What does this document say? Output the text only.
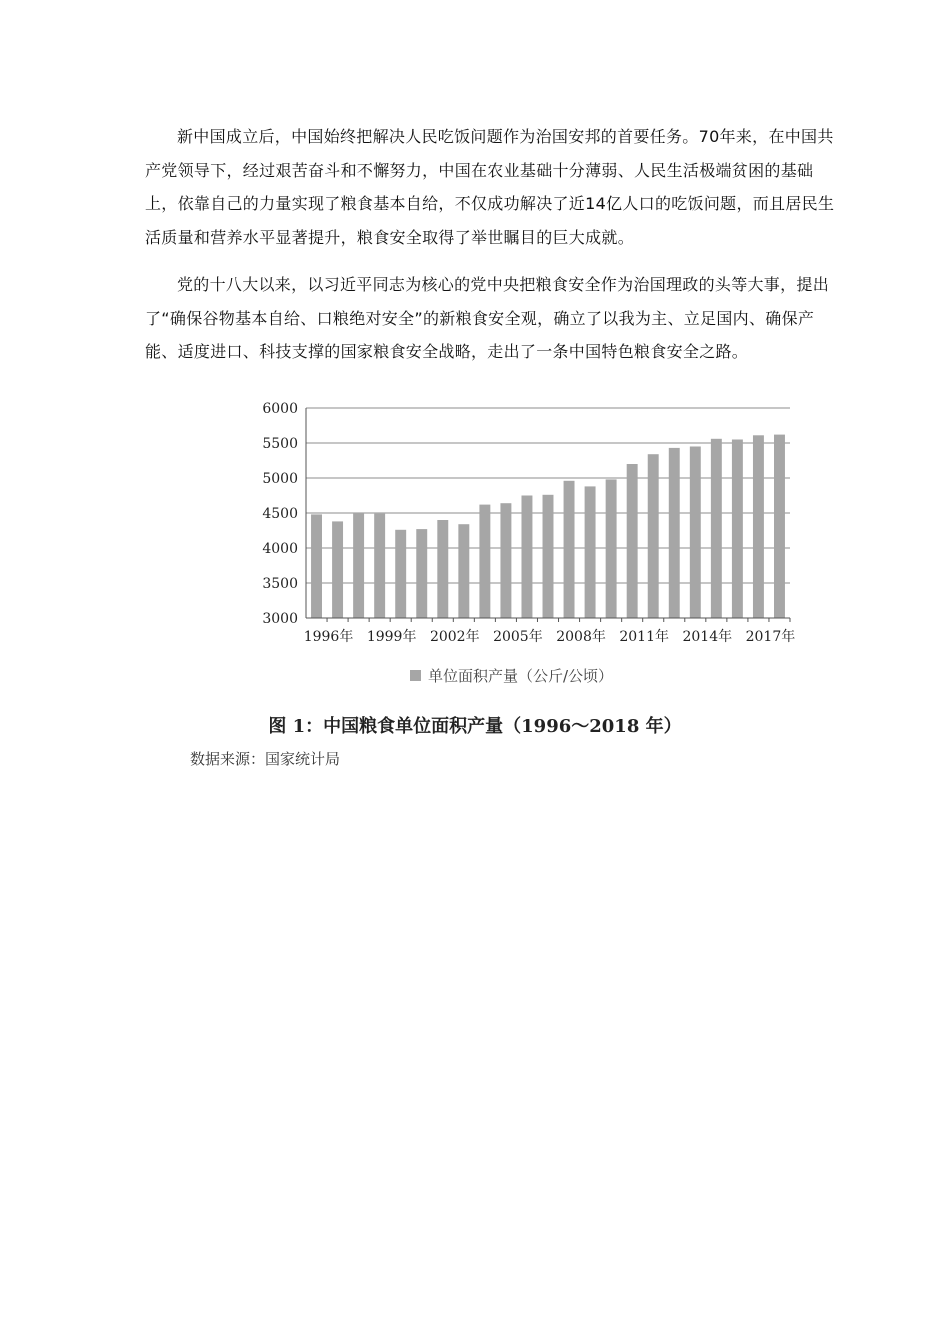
新中国成立后，中国始终把解决人民吃饭问题作为治国安邦的首要任务。70年来，在中国共产党领导下，经过艰苦奋斗和不懈努力，中国在农业基础十分薄弱、人民生活极端贫困的基础上，依靠自己的力量实现了粮食基本自给，不仅成功解决了近14亿人口的吃饭问题，而且居民生活质量和营养水平显著提升，粮食安全取得了举世瞩目的巨大成就。

党的十八大以来，以习近平同志为核心的党中央把粮食安全作为治国理政的头等大事，提出了“确保谷物基本自给、口粮绝对安全”的新粮食安全观，确立了以我为主、立足国内、确保产能、适度进口、科技支撑的国家粮食安全战略，走出了一条中国特色粮食安全之路。

3000
3500
4000
4500
5000
5500
6000
1996年 1999年 2002年 2005年 2008年 2011年 2014年 2017年
单位面积产量（公斤/公顷）
图 1：中国粮食单位面积产量（1996～2018 年）
数据来源：国家统计局
